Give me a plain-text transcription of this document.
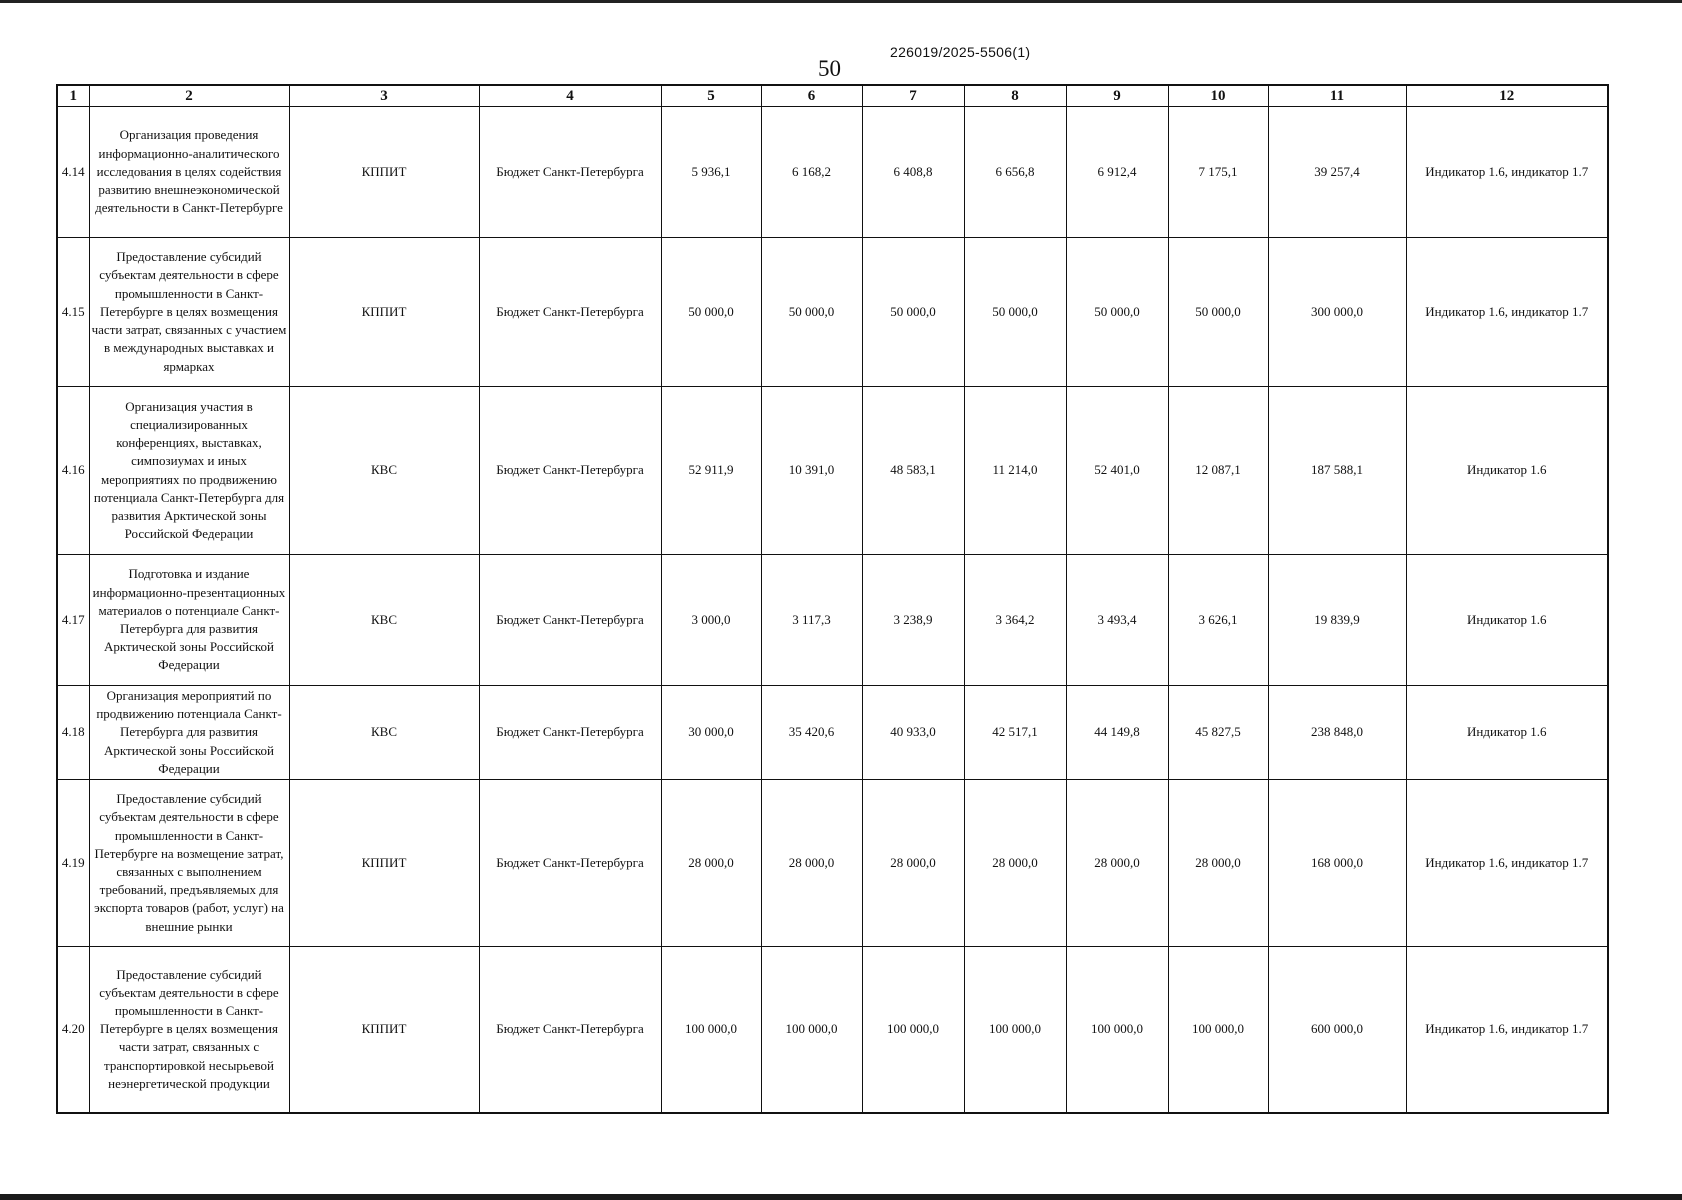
226019/2025-5506(1)
50
1	2	3	4	5	6	7	8	9	10	11	12
4.14	Организация проведения информационно-аналитического исследования в целях содействия развитию внешнеэкономической деятельности в Санкт-Петербурге	КППИТ	Бюджет Санкт-Петербурга	5 936,1	6 168,2	6 408,8	6 656,8	6 912,4	7 175,1	39 257,4	Индикатор 1.6, индикатор 1.7
4.15	Предоставление субсидий субъектам деятельности в сфере промышленности в Санкт-Петербурге в целях возмещения части затрат, связанных с участием в международных выставках и ярмарках	КППИТ	Бюджет Санкт-Петербурга	50 000,0	50 000,0	50 000,0	50 000,0	50 000,0	50 000,0	300 000,0	Индикатор 1.6, индикатор 1.7
4.16	Организация участия в специализированных конференциях, выставках, симпозиумах и иных мероприятиях по продвижению потенциала Санкт-Петербурга для развития Арктической зоны Российской Федерации	КВС	Бюджет Санкт-Петербурга	52 911,9	10 391,0	48 583,1	11 214,0	52 401,0	12 087,1	187 588,1	Индикатор 1.6
4.17	Подготовка и издание информационно-презентационных материалов о потенциале Санкт-Петербурга для развития Арктической зоны Российской Федерации	КВС	Бюджет Санкт-Петербурга	3 000,0	3 117,3	3 238,9	3 364,2	3 493,4	3 626,1	19 839,9	Индикатор 1.6
4.18	Организация мероприятий по продвижению потенциала Санкт-Петербурга для развития Арктической зоны Российской Федерации	КВС	Бюджет Санкт-Петербурга	30 000,0	35 420,6	40 933,0	42 517,1	44 149,8	45 827,5	238 848,0	Индикатор 1.6
4.19	Предоставление субсидий субъектам деятельности в сфере промышленности в Санкт-Петербурге на возмещение затрат, связанных с выполнением требований, предъявляемых для экспорта товаров (работ, услуг) на внешние рынки	КППИТ	Бюджет Санкт-Петербурга	28 000,0	28 000,0	28 000,0	28 000,0	28 000,0	28 000,0	168 000,0	Индикатор 1.6, индикатор 1.7
4.20	Предоставление субсидий субъектам деятельности в сфере промышленности в Санкт-Петербурге в целях возмещения части затрат, связанных с транспортировкой несырьевой неэнергетической продукции	КППИТ	Бюджет Санкт-Петербурга	100 000,0	100 000,0	100 000,0	100 000,0	100 000,0	100 000,0	600 000,0	Индикатор 1.6, индикатор 1.7
